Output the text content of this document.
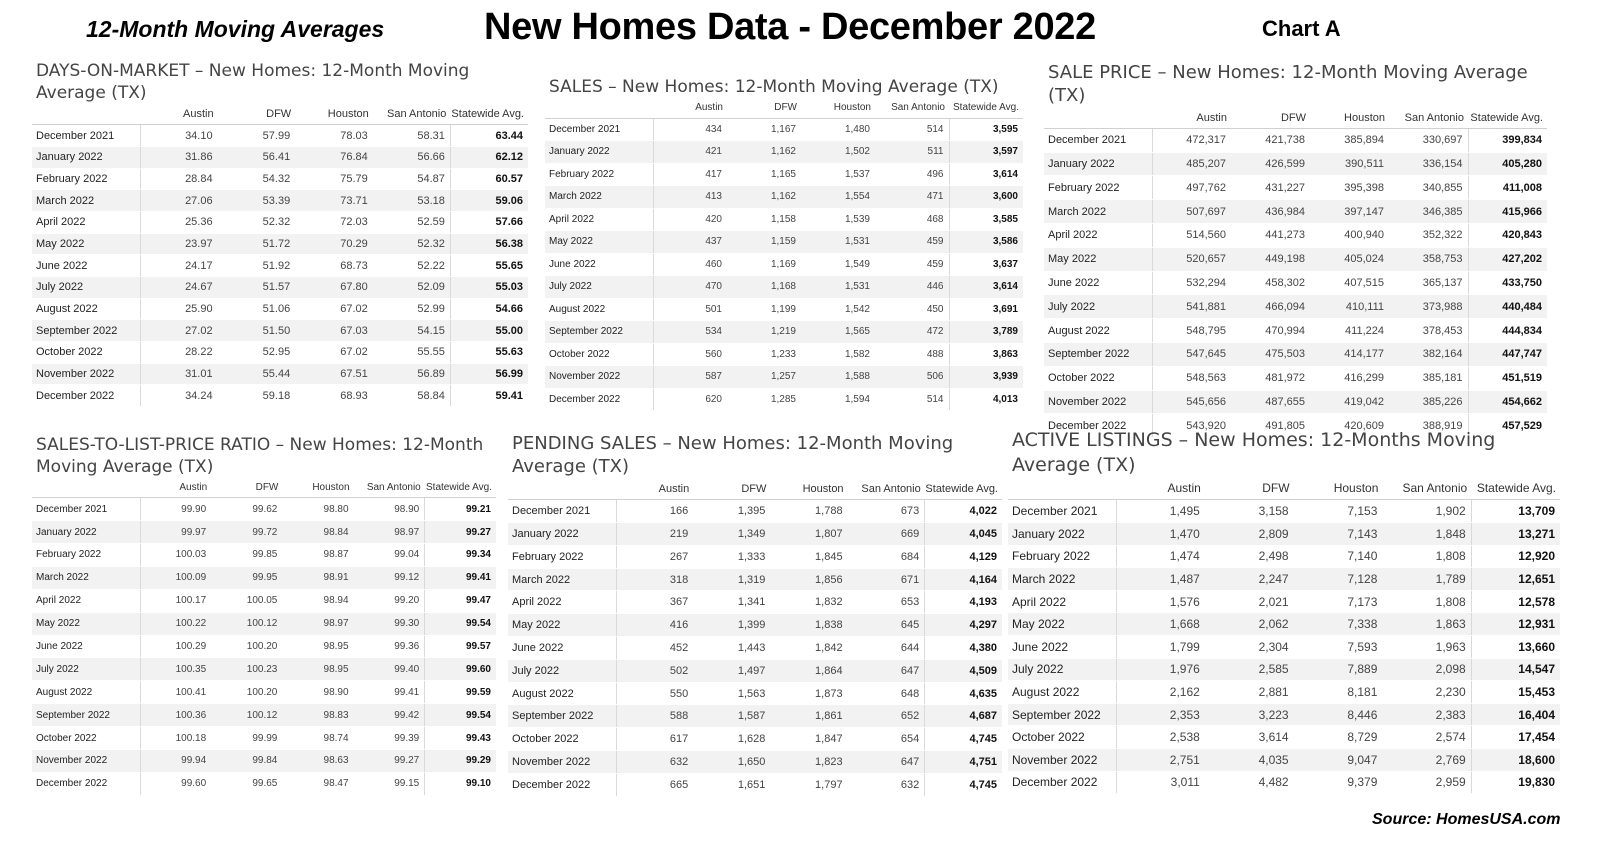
12-Month Moving Averages	New Homes Data - December 2022	Chart A
Source: HomesUSA.com
DAYS-ON-MARKET – New Homes: 12-Month Moving Average (TX)
	Austin	DFW	Houston	San Antonio	Statewide Avg.
December 2021	34.10	57.99	78.03	58.31	63.44
January 2022	31.86	56.41	76.84	56.66	62.12
February 2022	28.84	54.32	75.79	54.87	60.57
March 2022	27.06	53.39	73.71	53.18	59.06
April 2022	25.36	52.32	72.03	52.59	57.66
May 2022	23.97	51.72	70.29	52.32	56.38
June 2022	24.17	51.92	68.73	52.22	55.65
July 2022	24.67	51.57	67.80	52.09	55.03
August 2022	25.90	51.06	67.02	52.99	54.66
September 2022	27.02	51.50	67.03	54.15	55.00
October 2022	28.22	52.95	67.02	55.55	55.63
November 2022	31.01	55.44	67.51	56.89	56.99
December 2022	34.24	59.18	68.93	58.84	59.41
SALES – New Homes: 12-Month Moving Average (TX)
	Austin	DFW	Houston	San Antonio	Statewide Avg.
December 2021	434	1,167	1,480	514	3,595
January 2022	421	1,162	1,502	511	3,597
February 2022	417	1,165	1,537	496	3,614
March 2022	413	1,162	1,554	471	3,600
April 2022	420	1,158	1,539	468	3,585
May 2022	437	1,159	1,531	459	3,586
June 2022	460	1,169	1,549	459	3,637
July 2022	470	1,168	1,531	446	3,614
August 2022	501	1,199	1,542	450	3,691
September 2022	534	1,219	1,565	472	3,789
October 2022	560	1,233	1,582	488	3,863
November 2022	587	1,257	1,588	506	3,939
December 2022	620	1,285	1,594	514	4,013
SALE PRICE – New Homes: 12-Month Moving Average (TX)
	Austin	DFW	Houston	San Antonio	Statewide Avg.
December 2021	472,317	421,738	385,894	330,697	399,834
January 2022	485,207	426,599	390,511	336,154	405,280
February 2022	497,762	431,227	395,398	340,855	411,008
March 2022	507,697	436,984	397,147	346,385	415,966
April 2022	514,560	441,273	400,940	352,322	420,843
May 2022	520,657	449,198	405,024	358,753	427,202
June 2022	532,294	458,302	407,515	365,137	433,750
July 2022	541,881	466,094	410,111	373,988	440,484
August 2022	548,795	470,994	411,224	378,453	444,834
September 2022	547,645	475,503	414,177	382,164	447,747
October 2022	548,563	481,972	416,299	385,181	451,519
November 2022	545,656	487,655	419,042	385,226	454,662
December 2022	543,920	491,805	420,609	388,919	457,529
SALES-TO-LIST-PRICE RATIO – New Homes: 12-Month Moving Average (TX)
	Austin	DFW	Houston	San Antonio	Statewide Avg.
December 2021	99.90	99.62	98.80	98.90	99.21
January 2022	99.97	99.72	98.84	98.97	99.27
February 2022	100.03	99.85	98.87	99.04	99.34
March 2022	100.09	99.95	98.91	99.12	99.41
April 2022	100.17	100.05	98.94	99.20	99.47
May 2022	100.22	100.12	98.97	99.30	99.54
June 2022	100.29	100.20	98.95	99.36	99.57
July 2022	100.35	100.23	98.95	99.40	99.60
August 2022	100.41	100.20	98.90	99.41	99.59
September 2022	100.36	100.12	98.83	99.42	99.54
October 2022	100.18	99.99	98.74	99.39	99.43
November 2022	99.94	99.84	98.63	99.27	99.29
December 2022	99.60	99.65	98.47	99.15	99.10
PENDING SALES – New Homes: 12-Month Moving Average (TX)
	Austin	DFW	Houston	San Antonio	Statewide Avg.
December 2021	166	1,395	1,788	673	4,022
January 2022	219	1,349	1,807	669	4,045
February 2022	267	1,333	1,845	684	4,129
March 2022	318	1,319	1,856	671	4,164
April 2022	367	1,341	1,832	653	4,193
May 2022	416	1,399	1,838	645	4,297
June 2022	452	1,443	1,842	644	4,380
July 2022	502	1,497	1,864	647	4,509
August 2022	550	1,563	1,873	648	4,635
September 2022	588	1,587	1,861	652	4,687
October 2022	617	1,628	1,847	654	4,745
November 2022	632	1,650	1,823	647	4,751
December 2022	665	1,651	1,797	632	4,745
ACTIVE LISTINGS – New Homes: 12-Months Moving Average (TX)
	Austin	DFW	Houston	San Antonio	Statewide Avg.
December 2021	1,495	3,158	7,153	1,902	13,709
January 2022	1,470	2,809	7,143	1,848	13,271
February 2022	1,474	2,498	7,140	1,808	12,920
March 2022	1,487	2,247	7,128	1,789	12,651
April 2022	1,576	2,021	7,173	1,808	12,578
May 2022	1,668	2,062	7,338	1,863	12,931
June 2022	1,799	2,304	7,593	1,963	13,660
July 2022	1,976	2,585	7,889	2,098	14,547
August 2022	2,162	2,881	8,181	2,230	15,453
September 2022	2,353	3,223	8,446	2,383	16,404
October 2022	2,538	3,614	8,729	2,574	17,454
November 2022	2,751	4,035	9,047	2,769	18,600
December 2022	3,011	4,482	9,379	2,959	19,830
